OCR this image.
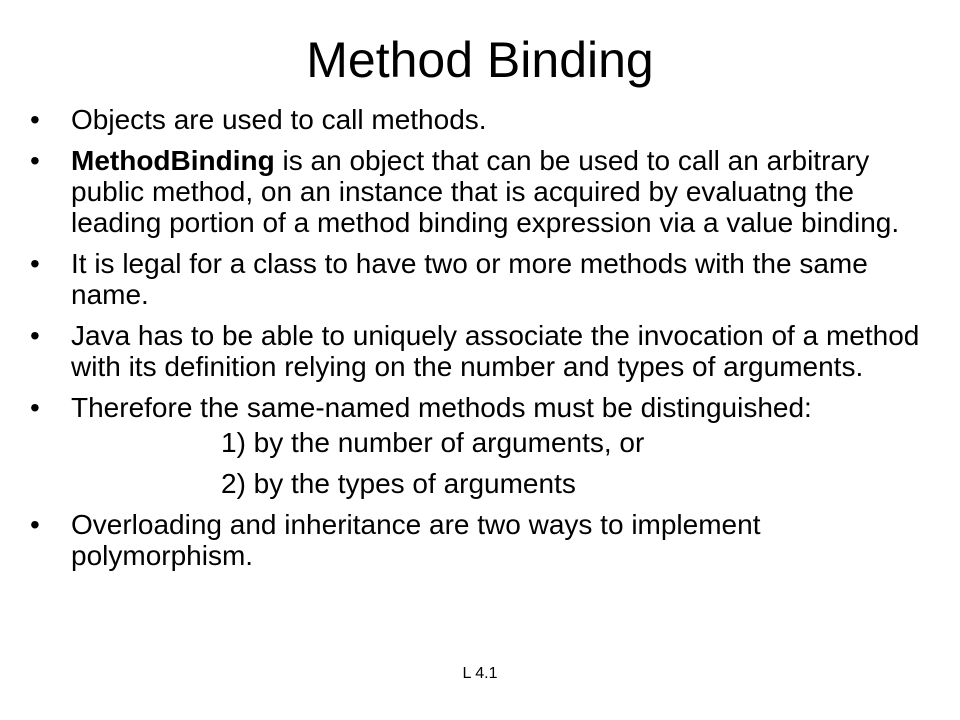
Method Binding
•	Objects are used to call methods.
•	MethodBinding is an object that can be used to call an arbitrary public method, on an instance that is acquired by evaluatng the leading portion of a method binding expression via a value binding.
•	It is legal for a class to have two or more methods with the same name.
•	Java has to be able to uniquely associate the invocation of a method with its definition relying on the number and types of arguments.
•	Therefore the same-named methods must be distinguished:
1) by the number of arguments, or
2) by the types of arguments
•	Overloading and inheritance are two ways to implement polymorphism.
L 4.1
